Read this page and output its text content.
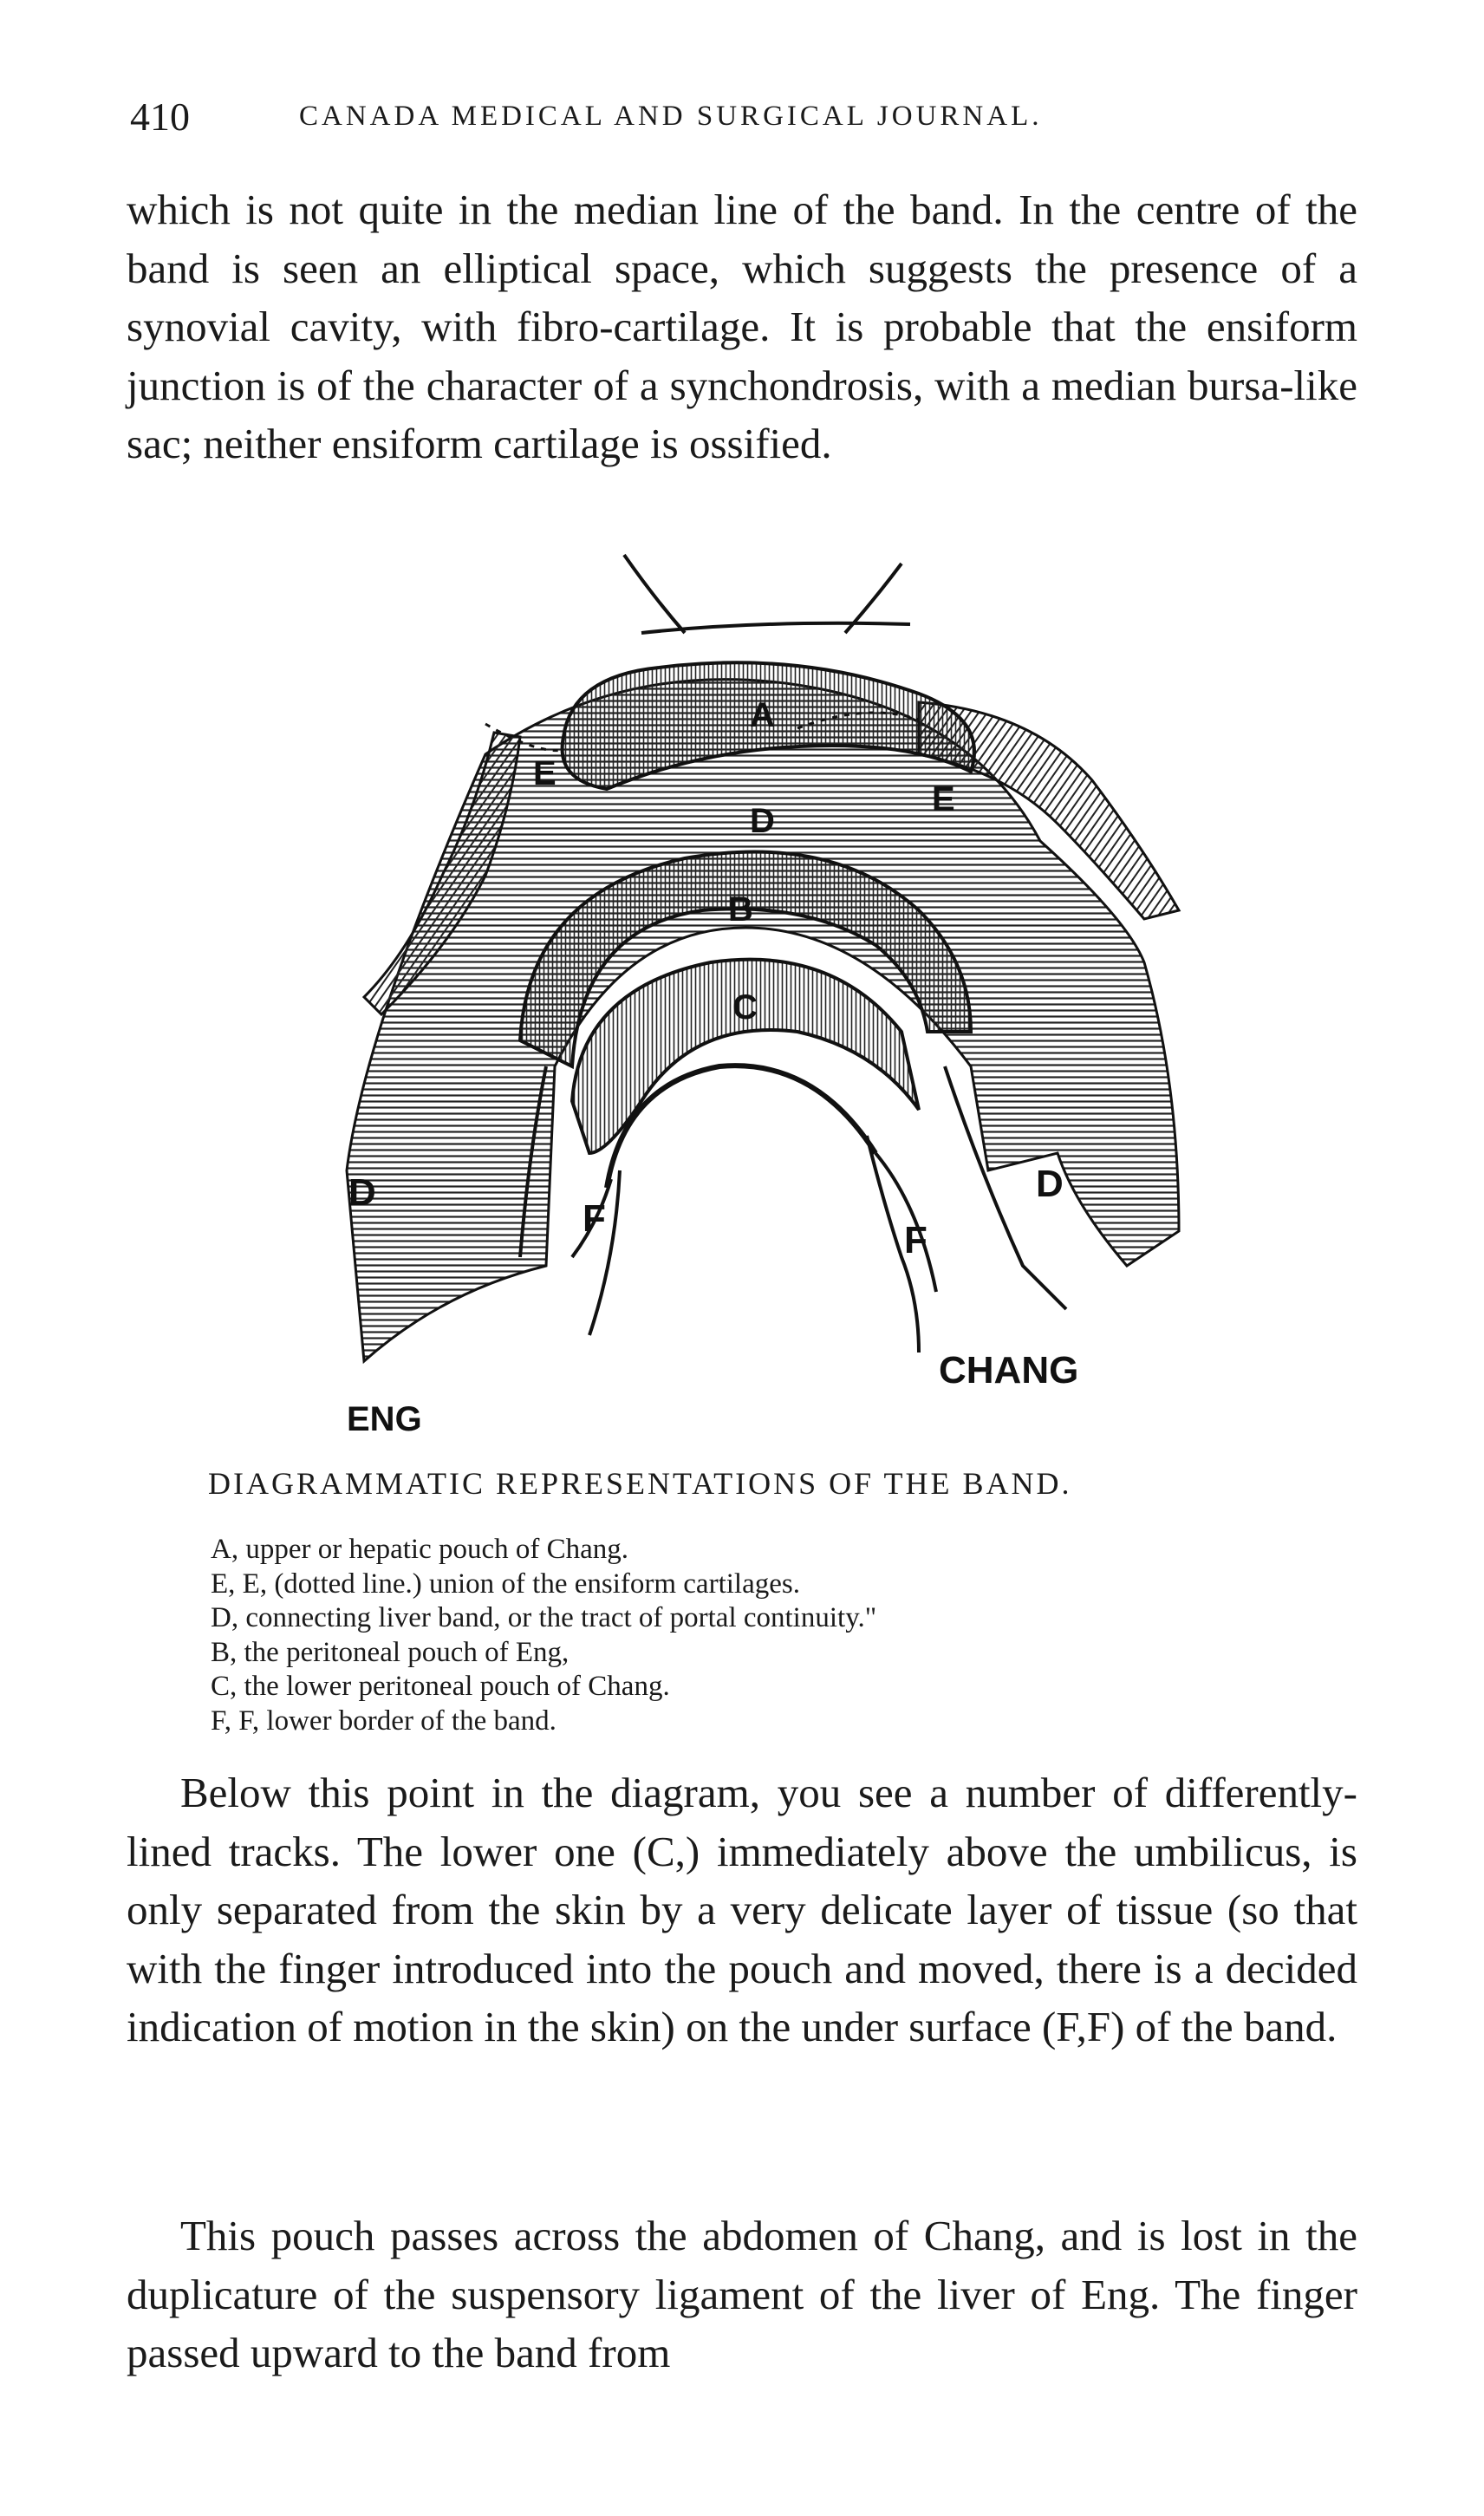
410	CANADA MEDICAL AND SURGICAL JOURNAL.

which is not quite in the median line of the band. In the centre of the band is seen an elliptical space, which suggests the presence of a synovial cavity, with fibro-cartilage. It is probable that the ensiform junction is of the character of a synchondrosis, with a median bursa-like sac; neither ensiform cartilage is ossified.

A
E
E
D
B
C
D	D
F
F
ENG
CHANG
DIAGRAMMATIC REPRESENTATIONS OF THE BAND.
A, upper or hepatic pouch of Chang.
E, E, (dotted line.) union of the ensiform cartilages.
D, connecting liver band, or the tract of portal continuity."
B, the peritoneal pouch of Eng,
C, the lower peritoneal pouch of Chang.
F, F, lower border of the band.

Below this point in the diagram, you see a number of differently-lined tracks. The lower one (C,) immediately above the umbilicus, is only separated from the skin by a very delicate layer of tissue (so that with the finger introduced into the pouch and moved, there is a decided indication of motion in the skin) on the under surface (F,F) of the band.

This pouch passes across the abdomen of Chang, and is lost in the duplicature of the suspensory ligament of the liver of Eng. The finger passed upward to the band from
